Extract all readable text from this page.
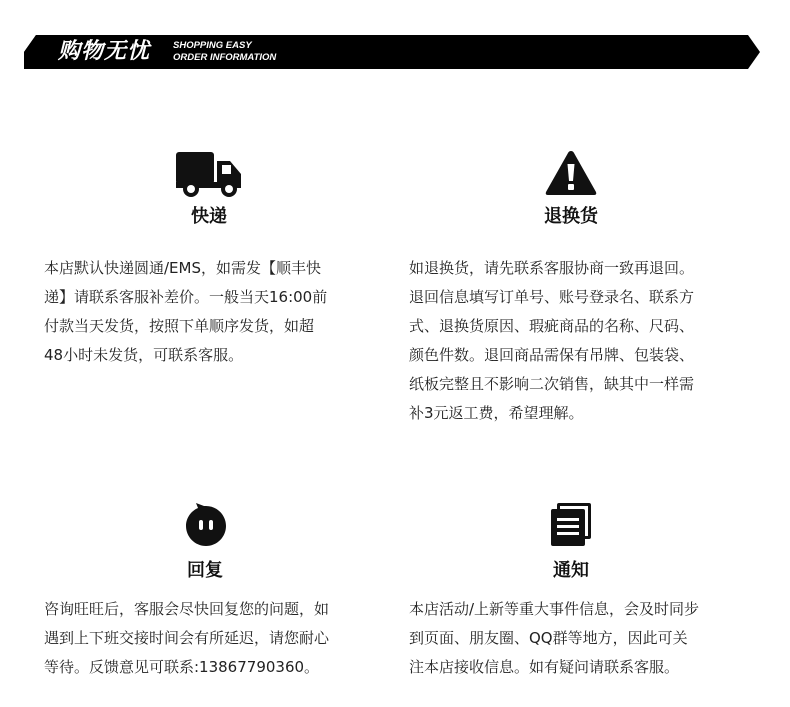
购物无忧 SHOPPING EASY
ORDER INFORMATION
快递
本店默认快递圆通/EMS，如需发【顺丰快
递】请联系客服补差价。一般当天16:00前
付款当天发货，按照下单顺序发货，如超
48小时未发货，可联系客服。
退换货
如退换货，请先联系客服协商一致再退回。
退回信息填写订单号、账号登录名、联系方
式、退换货原因、瑕疵商品的名称、尺码、
颜色件数。退回商品需保有吊牌、包装袋、
纸板完整且不影响二次销售，缺其中一样需
补3元返工费，希望理解。
回复
咨询旺旺后，客服会尽快回复您的问题，如
遇到上下班交接时间会有所延迟，请您耐心
等待。反馈意见可联系:13867790360。
通知
本店活动/上新等重大事件信息，会及时同步
到页面、朋友圈、QQ群等地方，因此可关
注本店接收信息。如有疑问请联系客服。
